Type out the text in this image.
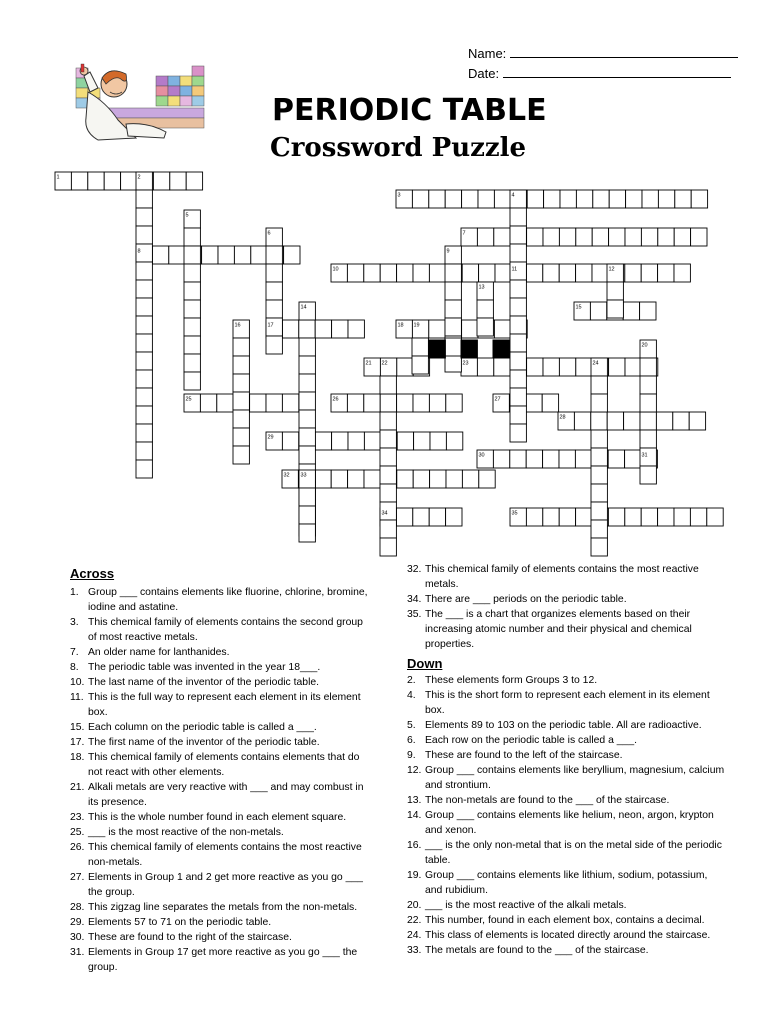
Name:
Date:
PERIODIC TABLE
Crossword Puzzle
1	2
3	4
5
6	7
8	9
10	11	12
13
14	15
16	17	18 19
20
21 22	23	24
25	26	27
28
29
30	31
32 33
34	35
Across
1. Group ___ contains elements like fluorine, chlorine, bromine, iodine and astatine.
3. This chemical family of elements contains the second group of most reactive metals.
7. An older name for lanthanides.
8. The periodic table was invented in the year 18___.
10. The last name of the inventor of the periodic table.
11. This is the full way to represent each element in its element box.
15. Each column on the periodic table is called a ___.
17. The first name of the inventor of the periodic table.
18. This chemical family of elements contains elements that do not react with other elements.
21. Alkali metals are very reactive with ___ and may combust in its presence.
23. This is the whole number found in each element square.
25. ___ is the most reactive of the non-metals.
26. This chemical family of elements contains the most reactive non-metals.
27. Elements in Group 1 and 2 get more reactive as you go ___ the group.
28. This zigzag line separates the metals from the non-metals.
29. Elements 57 to 71 on the periodic table.
30. These are found to the right of the staircase.
31. Elements in Group 17 get more reactive as you go ___ the group.
32. This chemical family of elements contains the most reactive metals.
34. There are ___ periods on the periodic table.
35. The ___ is a chart that organizes elements based on their increasing atomic number and their physical and chemical properties.
Down
2. These elements form Groups 3 to 12.
4. This is the short form to represent each element in its element box.
5. Elements 89 to 103 on the periodic table. All are radioactive.
6. Each row on the periodic table is called a ___.
9. These are found to the left of the staircase.
12. Group ___ contains elements like beryllium, magnesium, calcium and strontium.
13. The non-metals are found to the ___ of the staircase.
14. Group ___ contains elements like helium, neon, argon, krypton and xenon.
16. ___ is the only non-metal that is on the metal side of the periodic table.
19. Group ___ contains elements like lithium, sodium, potassium, and rubidium.
20. ___ is the most reactive of the alkali metals.
22. This number, found in each element box, contains a decimal.
24. This class of elements is located directly around the staircase.
33. The metals are found to the ___ of the staircase.
